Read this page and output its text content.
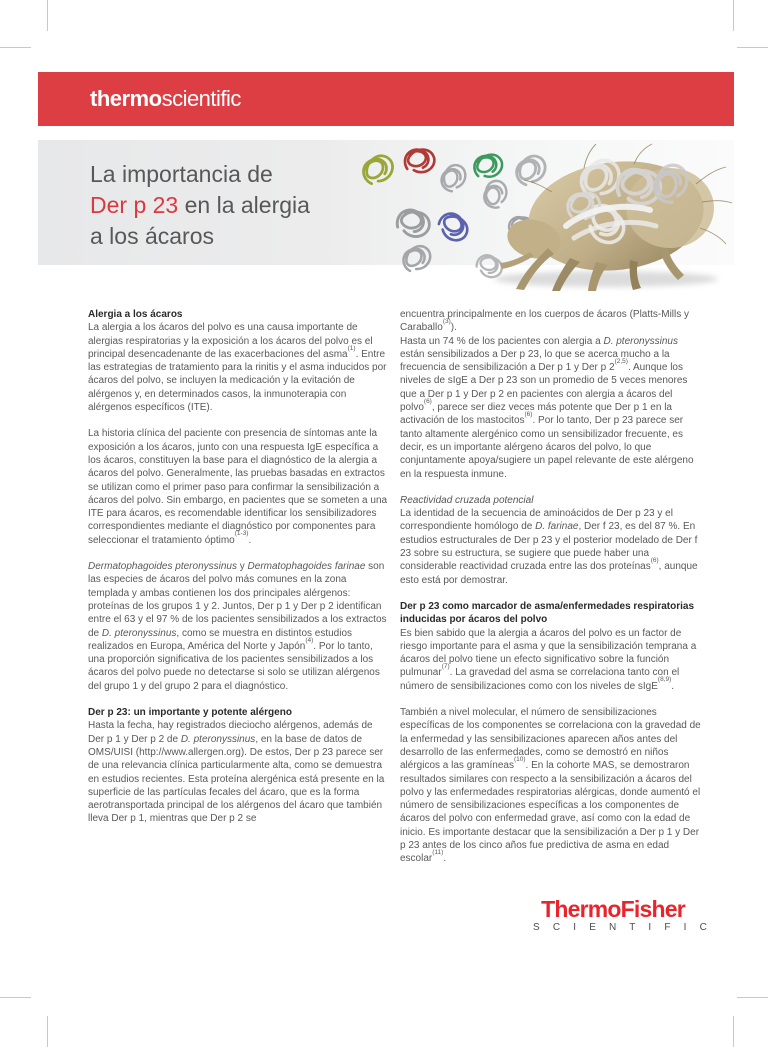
thermoscientific
La importancia de
Der p 23 en la alergia
a los ácaros
Alergia a los ácaros
La alergia a los ácaros del polvo es una causa importante de alergias respiratorias y la exposición a los ácaros del polvo es el principal desencadenante de las exacerbaciones del asma$^{(1)}$. Entre las estrategias de tratamiento para la rinitis y el asma inducidos por ácaros del polvo, se incluyen la medicación y la evitación de alérgenos y, en determinados casos, la inmunoterapia con alérgenos específicos (ITE).
La historia clínica del paciente con presencia de síntomas ante la exposición a los ácaros, junto con una respuesta IgE específica a los ácaros, constituyen la base para el diagnóstico de la alergia a ácaros del polvo. Generalmente, las pruebas basadas en extractos se utilizan como el primer paso para confirmar la sensibilización a ácaros del polvo. Sin embargo, en pacientes que se someten a una ITE para ácaros, es recomendable identificar los sensibilizadores correspondientes mediante el diagnóstico por componentes para seleccionar el tratamiento óptimo$^{(1-3)}$.
Dermatophagoides pteronyssinus y Dermatophagoides farinae son las especies de ácaros del polvo más comunes en la zona templada y ambas contienen los dos principales alérgenos: proteínas de los grupos 1 y 2. Juntos, Der p 1 y Der p 2 identifican entre el 63 y el 97 % de los pacientes sensibilizados a los extractos de D. pteronyssinus, como se muestra en distintos estudios realizados en Europa, América del Norte y Japón$^{(4)}$. Por lo tanto, una proporción significativa de los pacientes sensibilizados a los ácaros del polvo puede no detectarse si solo se utilizan alérgenos del grupo 1 y del grupo 2 para el diagnóstico.
Der p 23: un importante y potente alérgeno
Hasta la fecha, hay registrados dieciocho alérgenos, además de Der p 1 y Der p 2 de D. pteronyssinus, en la base de datos de OMS/UISI (http://www.allergen.org). De estos, Der p 23 parece ser de una relevancia clínica particularmente alta, como se demuestra en estudios recientes. Esta proteína alergénica está presente en la superficie de las partículas fecales del ácaro, que es la forma aerotransportada principal de los alérgenos del ácaro que también lleva Der p 1, mientras que Der p 2 se
encuentra principalmente en los cuerpos de ácaros (Platts-Mills y Caraballo$^{(3)}$).
Hasta un 74 % de los pacientes con alergia a D. pteronyssinus están sensibilizados a Der p 23, lo que se acerca mucho a la frecuencia de sensibilización a Der p 1 y Der p 2$^{(2,5)}$. Aunque los niveles de sIgE a Der p 23 son un promedio de 5 veces menores que a Der p 1 y Der p 2 en pacientes con alergia a ácaros del polvo$^{(6)}$, parece ser diez veces más potente que Der p 1 en la activación de los mastocitos$^{(6)}$. Por lo tanto, Der p 23 parece ser tanto altamente alergénico como un sensibilizador frecuente, es decir, es un importante alérgeno ácaros del polvo, lo que conjuntamente apoya/sugiere un papel relevante de este alérgeno en la respuesta inmune.
Reactividad cruzada potencial
La identidad de la secuencia de aminoácidos de Der p 23 y el correspondiente homólogo de D. farinae, Der f 23, es del 87 %. En estudios estructurales de Der p 23 y el posterior modelado de Der f 23 sobre su estructura, se sugiere que puede haber una considerable reactividad cruzada entre las dos proteínas$^{(6)}$, aunque esto está por demostrar.
Der p 23 como marcador de asma/enfermedades respiratorias inducidas por ácaros del polvo
Es bien sabido que la alergia a ácaros del polvo es un factor de riesgo importante para el asma y que la sensibilización temprana a ácaros del polvo tiene un efecto significativo sobre la función pulmunar$^{(7)}$. La gravedad del asma se correlaciona tanto con el número de sensibilizaciones como con los niveles de sIgE$^{(8,9)}$.
También a nivel molecular, el número de sensibilizaciones específicas de los componentes se correlaciona con la gravedad de la enfermedad y las sensibilizaciones aparecen años antes del desarrollo de las enfermedades, como se demostró en niños alérgicos a las gramíneas$^{(10)}$. En la cohorte MAS, se demostraron resultados similares con respecto a la sensibilización a ácaros del polvo y las enfermedades respiratorias alérgicas, donde aumentó el número de sensibilizaciones específicas a los componentes de ácaros del polvo con enfermedad grave, así como con la edad de inicio. Es importante destacar que la sensibilización a Der p 1 y Der p 23 antes de los cinco años fue predictiva de asma en edad escolar$^{(11)}$.
ThermoFisher
S C I E N T I F I C
